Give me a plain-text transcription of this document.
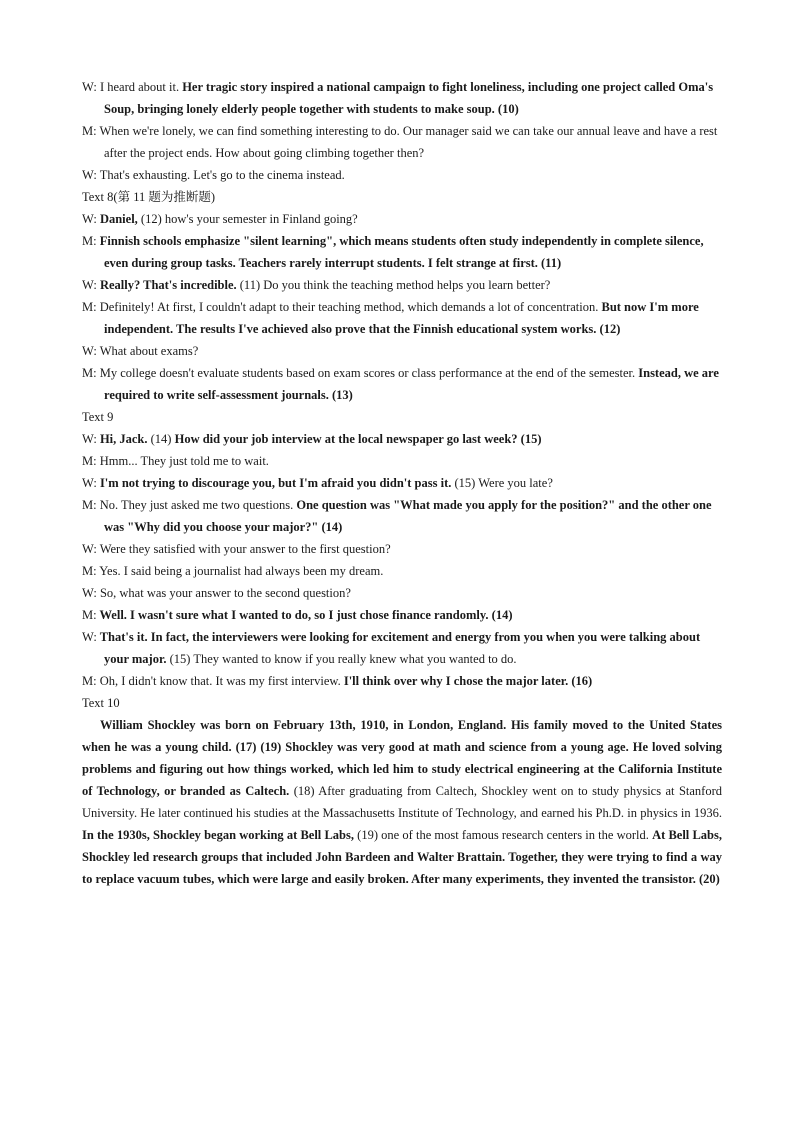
W: I heard about it. Her tragic story inspired a national campaign to fight loneliness, including one project called Oma's Soup, bringing lonely elderly people together with students to make soup. (10)

M: When we're lonely, we can find something interesting to do. Our manager said we can take our annual leave and have a rest after the project ends. How about going climbing together then?

W: That's exhausting. Let's go to the cinema instead.

Text 8(第 11 题为推断题)

W: Daniel, (12) how's your semester in Finland going?

M: Finnish schools emphasize "silent learning", which means students often study independently in complete silence, even during group tasks. Teachers rarely interrupt students. I felt strange at first. (11)

W: Really? That's incredible. (11) Do you think the teaching method helps you learn better?

M: Definitely! At first, I couldn't adapt to their teaching method, which demands a lot of concentration. But now I'm more independent. The results I've achieved also prove that the Finnish educational system works. (12)

W: What about exams?

M: My college doesn't evaluate students based on exam scores or class performance at the end of the semester. Instead, we are required to write self-assessment journals. (13)

Text 9

W: Hi, Jack. (14) How did your job interview at the local newspaper go last week? (15)

M: Hmm... They just told me to wait.

W: I'm not trying to discourage you, but I'm afraid you didn't pass it. (15) Were you late?

M: No. They just asked me two questions. One question was "What made you apply for the position?" and the other one was "Why did you choose your major?" (14)

W: Were they satisfied with your answer to the first question?

M: Yes. I said being a journalist had always been my dream.

W: So, what was your answer to the second question?

M: Well. I wasn't sure what I wanted to do, so I just chose finance randomly. (14)

W: That's it. In fact, the interviewers were looking for excitement and energy from you when you were talking about your major. (15) They wanted to know if you really knew what you wanted to do.

M: Oh, I didn't know that. It was my first interview. I'll think over why I chose the major later. (16)

Text 10

William Shockley was born on February 13th, 1910, in London, England. His family moved to the United States when he was a young child. (17) (19) Shockley was very good at math and science from a young age. He loved solving problems and figuring out how things worked, which led him to study electrical engineering at the California Institute of Technology, or branded as Caltech. (18) After graduating from Caltech, Shockley went on to study physics at Stanford University. He later continued his studies at the Massachusetts Institute of Technology, and earned his Ph.D. in physics in 1936. In the 1930s, Shockley began working at Bell Labs, (19) one of the most famous research centers in the world. At Bell Labs, Shockley led research groups that included John Bardeen and Walter Brattain. Together, they were trying to find a way to replace vacuum tubes, which were large and easily broken. After many experiments, they invented the transistor. (20)
